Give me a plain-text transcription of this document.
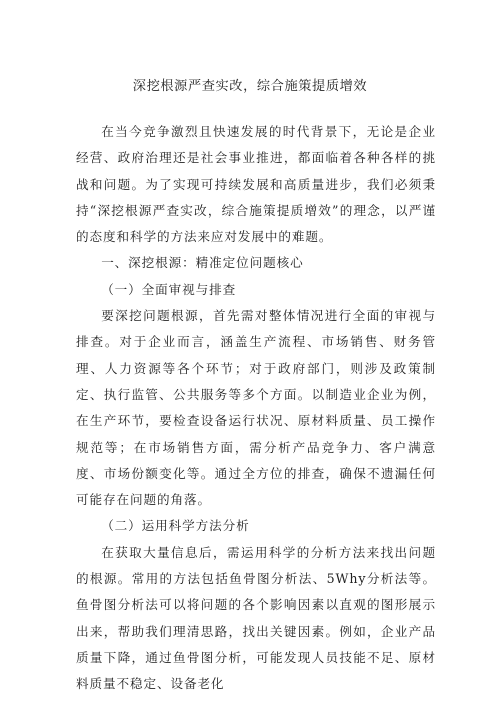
深挖根源严查实改，综合施策提质增效

在当今竞争激烈且快速发展的时代背景下，无论是企业经营、政府治理还是社会事业推进，都面临着各种各样的挑战和问题。为了实现可持续发展和高质量进步，我们必须秉持“深挖根源严查实改，综合施策提质增效”的理念，以严谨的态度和科学的方法来应对发展中的难题。

一、深挖根源：精准定位问题核心

（一）全面审视与排查

要深挖问题根源，首先需对整体情况进行全面的审视与排查。对于企业而言，涵盖生产流程、市场销售、财务管理、人力资源等各个环节；对于政府部门，则涉及政策制定、执行监管、公共服务等多个方面。以制造业企业为例，在生产环节，要检查设备运行状况、原材料质量、员工操作规范等；在市场销售方面，需分析产品竞争力、客户满意度、市场份额变化等。通过全方位的排查，确保不遗漏任何可能存在问题的角落。

（二）运用科学方法分析

在获取大量信息后，需运用科学的分析方法来找出问题的根源。常用的方法包括鱼骨图分析法、5Why分析法等。鱼骨图分析法可以将问题的各个影响因素以直观的图形展示出来，帮助我们理清思路，找出关键因素。例如，企业产品质量下降，通过鱼骨图分析，可能发现人员技能不足、原材料质量不稳定、设备老化
